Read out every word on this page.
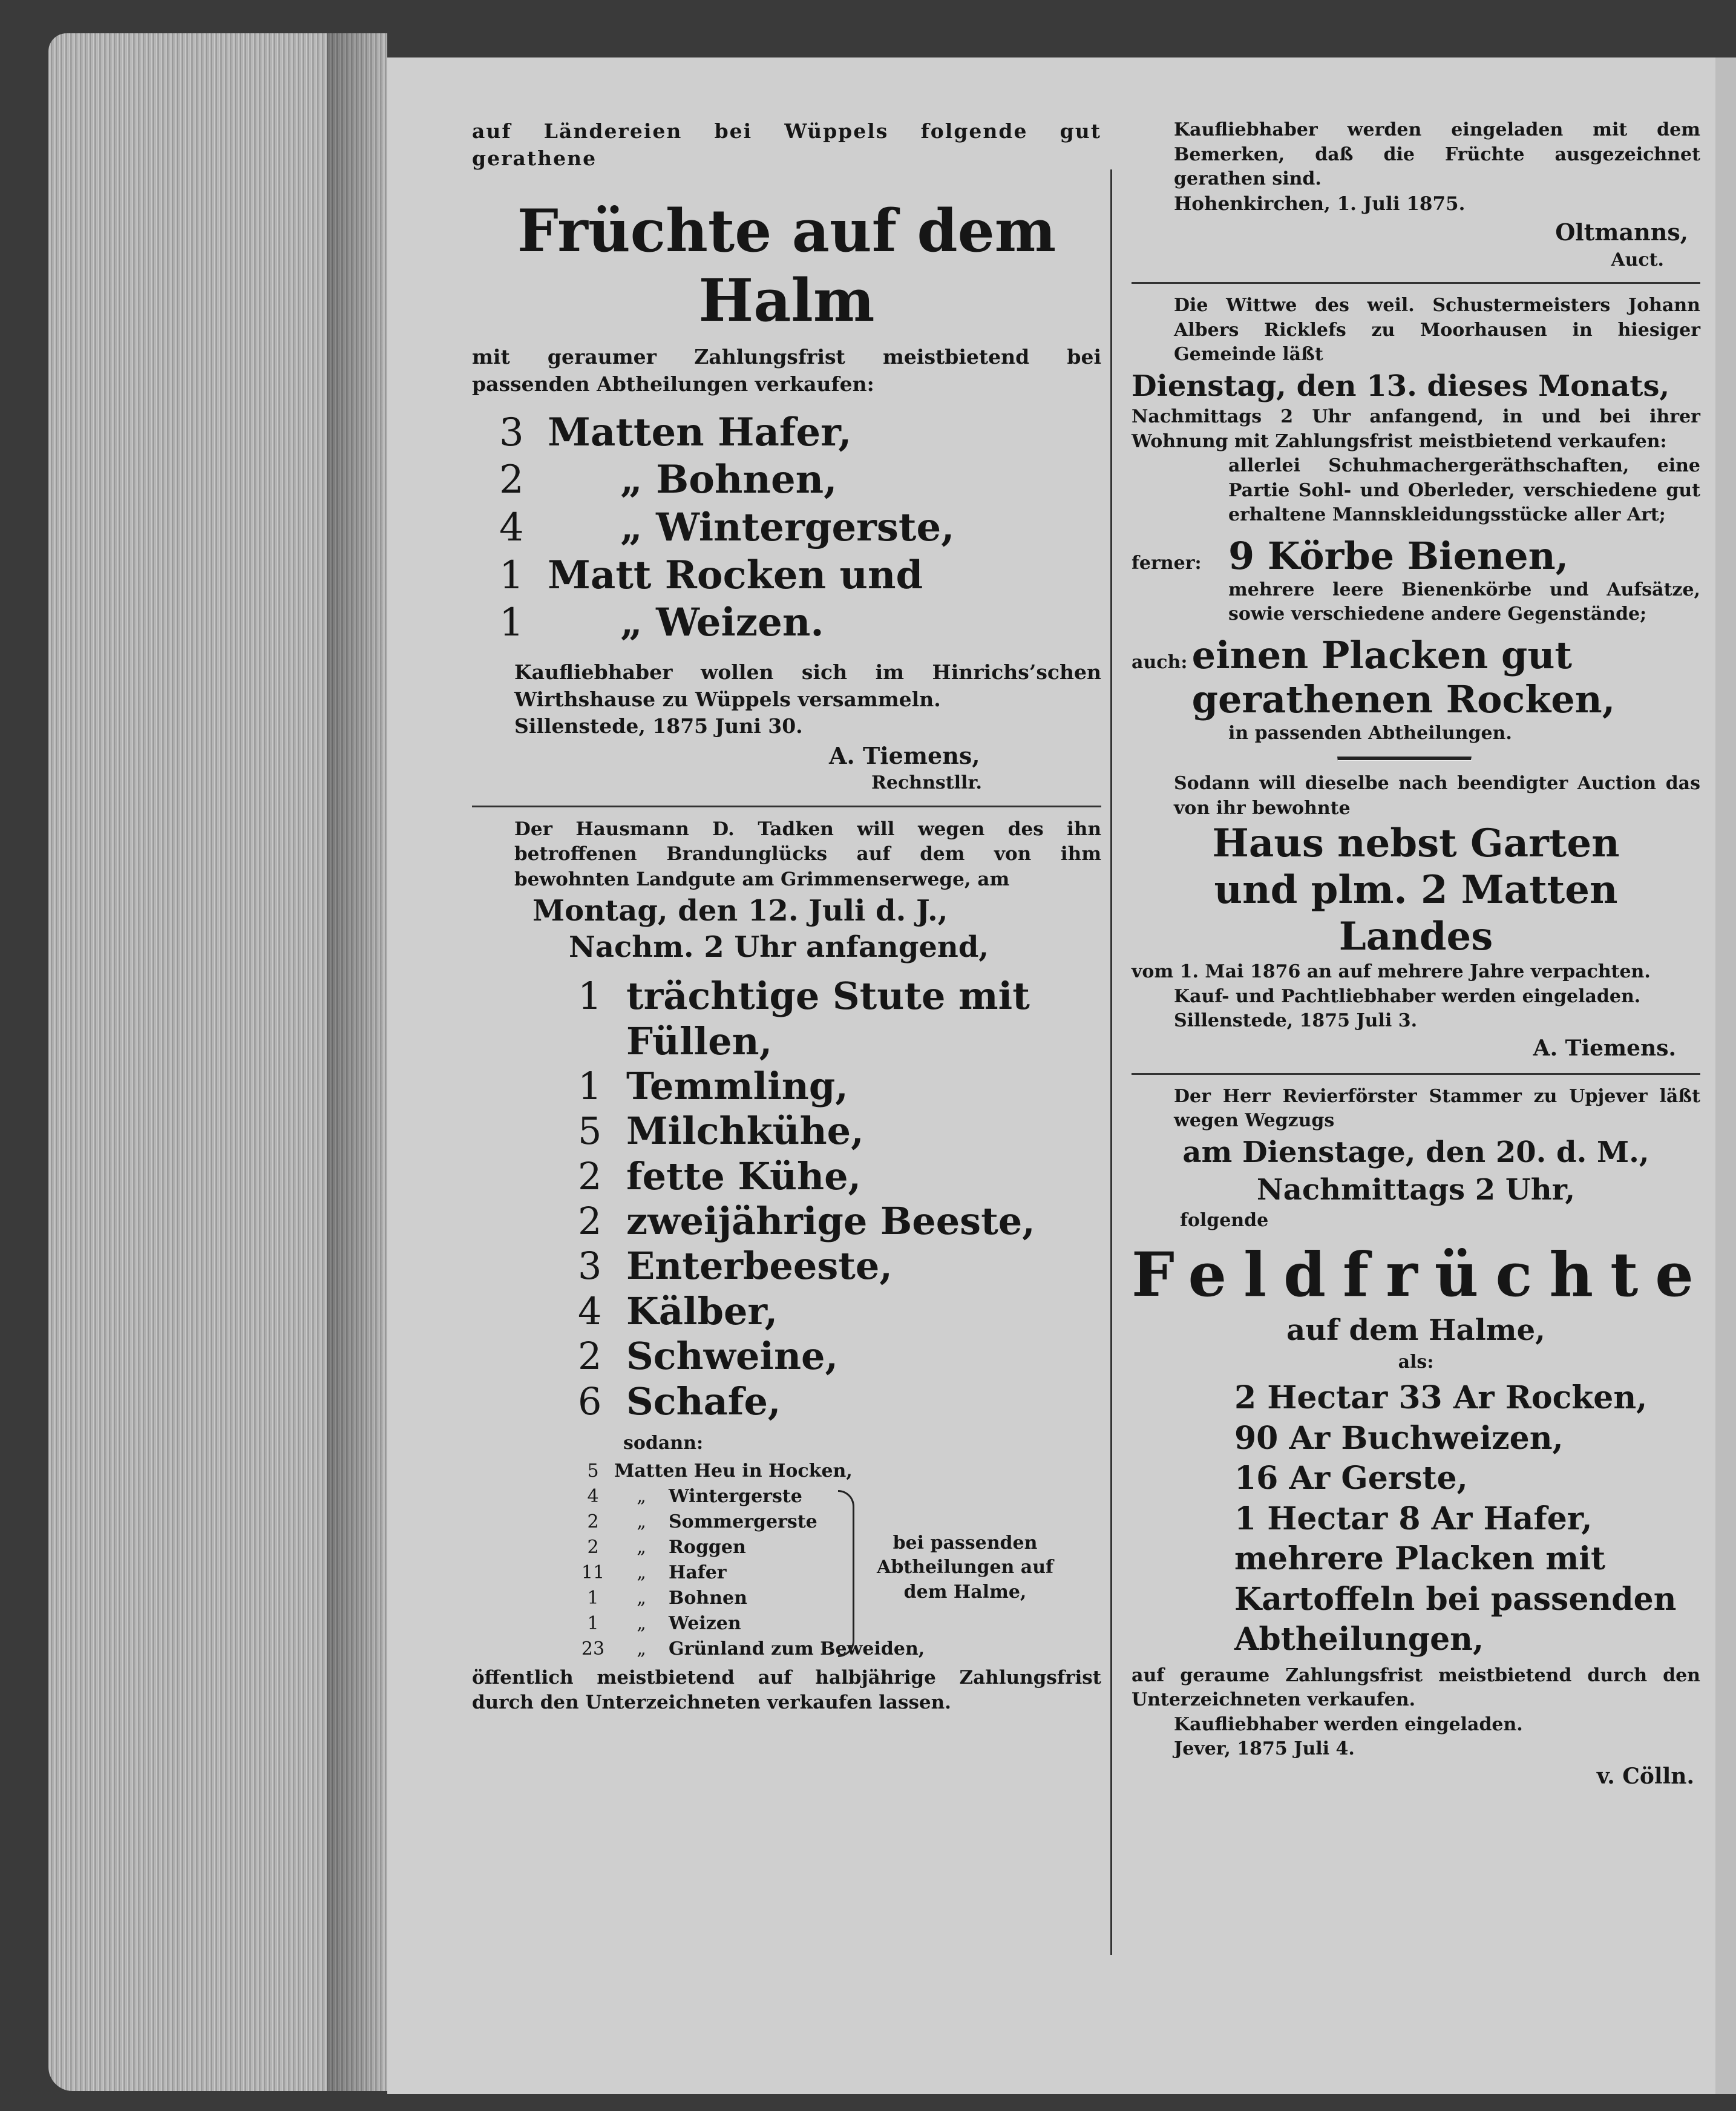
auf Ländereien bei Wüppels folgende gut gerathene

Früchte auf dem

Halm

mit geraumer Zahlungsfrist meistbietend bei passenden Abtheilungen verkaufen:

3 Matten Hafer,
2	„ Bohnen,
4	„ Wintergerste,
1 Matt Rocken und
1	„ Weizen.

Kaufliebhaber wollen sich im Hinrichs’schen Wirthshause zu Wüppels versammeln.

Sillenstede, 1875 Juni 30.

A. Tiemens,

Rechnstllr.

Der Hausmann D. Tadken will wegen des ihn betroffenen Brandunglücks auf dem von ihm bewohnten Landgute am Grimmenserwege, am

Montag, den 12. Juli d. J.,

Nachm. 2 Uhr anfangend,

1 trächtige Stute mit Füllen,
1 Temmling,
5 Milchkühe,
2 fette Kühe,
2 zweijährige Beeste,
3 Enterbeeste,
4 Kälber,
2 Schweine,
6 Schafe,

sodann:

5 Matten Heu in Hocken,
4	„	Wintergerste
2	„	Sommergerste
2	„	Roggen
11	„	Hafer
1	„	Bohnen
1	„	Weizen
23	„	Grünland zum Beweiden,
bei passenden Abtheilungen auf dem Halme,

öffentlich meistbietend auf halbjährige Zahlungsfrist durch den Unterzeichneten verkaufen lassen.

Kaufliebhaber werden eingeladen mit dem Bemerken, daß die Früchte ausgezeichnet gerathen sind.

Hohenkirchen, 1. Juli 1875.

Oltmanns,

Auct.

Die Wittwe des weil. Schustermeisters Johann Albers Ricklefs zu Moorhausen in hiesiger Gemeinde läßt

Dienstag, den 13. dieses Monats,

Nachmittags 2 Uhr anfangend, in und bei ihrer Wohnung mit Zahlungsfrist meistbietend verkaufen:

allerlei Schuhmachergeräthschaften, eine Partie Sohl- und Oberleder, verschiedene gut erhaltene Mannskleidungsstücke aller Art;

ferner: 9 Körbe Bienen,

mehrere leere Bienenkörbe und Aufsätze, sowie verschiedene andere Gegenstände;

auch: einen Placken gut gerathenen Rocken,

in passenden Abtheilungen.

Sodann will dieselbe nach beendigter Auction das von ihr bewohnte

Haus nebst Garten

und plm. 2 Matten Landes

vom 1. Mai 1876 an auf mehrere Jahre verpachten.

Kauf- und Pachtliebhaber werden eingeladen.

Sillenstede, 1875 Juli 3.

A. Tiemens.

Der Herr Revierförster Stammer zu Upjever läßt wegen Wegzugs

am Dienstage, den 20. d. M.,

Nachmittags 2 Uhr,

folgende

Feldfrüchte

auf dem Halme,

als:

2 Hectar 33 Ar Rocken,

90 Ar Buchweizen,

16 Ar Gerste,

1 Hectar 8 Ar Hafer,

mehrere Placken mit Kartoffeln bei passenden Abtheilungen,

auf geraume Zahlungsfrist meistbietend durch den Unterzeichneten verkaufen.

Kaufliebhaber werden eingeladen.

Jever, 1875 Juli 4.

v. Cölln.
